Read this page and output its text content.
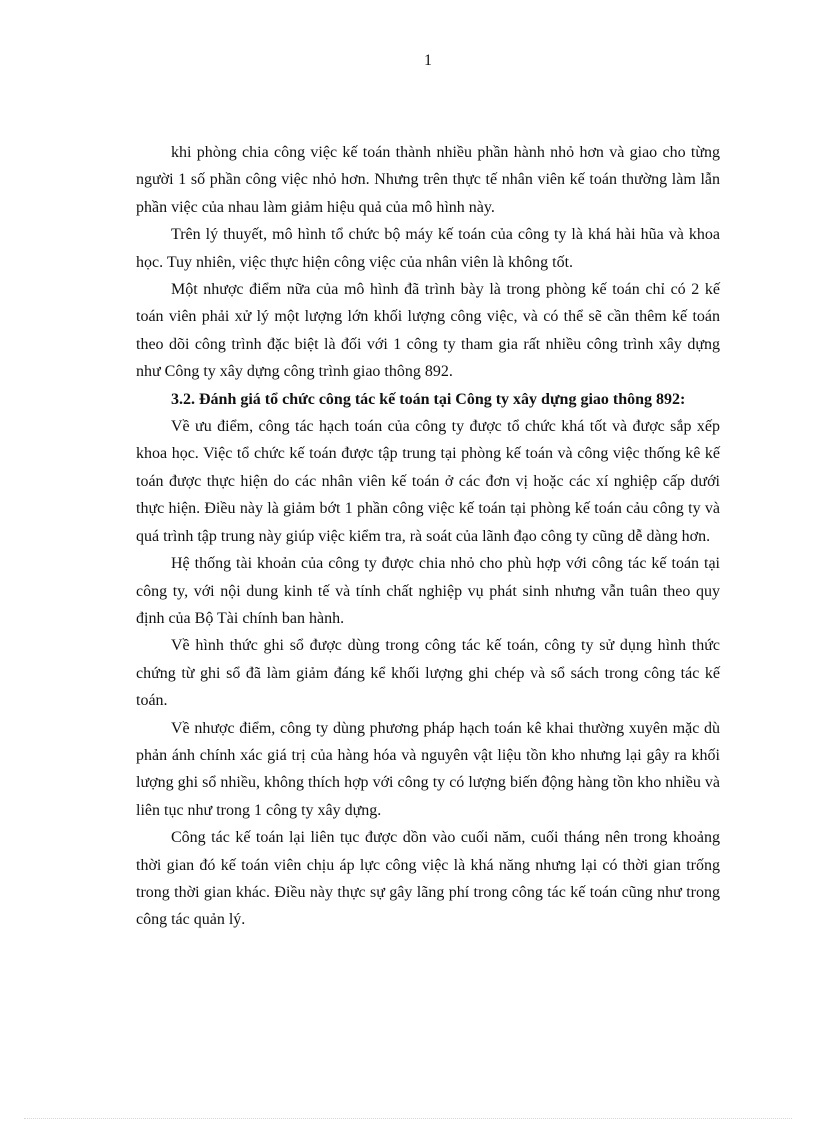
1

khi phòng chia công việc kế toán thành nhiều phần hành nhỏ hơn và giao cho từng người 1 số phần công việc nhỏ hơn. Nhưng trên thực tế nhân viên kế toán thường làm lẫn phần việc của nhau làm giảm hiệu quả của mô hình này.

Trên lý thuyết, mô hình tổ chức bộ máy kế toán của công ty là khá hài hũa và khoa học. Tuy nhiên, việc thực hiện công việc của nhân viên là không tốt.

Một nhược điểm nữa của mô hình đã trình bày là trong phòng kế toán chỉ có 2 kế toán viên phải xử lý một lượng lớn khối lượng công việc, và có thể sẽ cần thêm kế toán theo dõi công trình đặc biệt là đối với 1 công ty tham gia rất nhiều công trình xây dựng như Công ty xây dựng công trình giao thông 892.

3.2. Đánh giá tổ chức công tác kế toán tại Công ty xây dựng giao thông 892:

Về ưu điểm, công tác hạch toán của công ty được tổ chức khá tốt và được sắp xếp khoa học. Việc tổ chức kế toán được tập trung tại phòng kế toán và công việc thống kê kế toán được thực hiện do các nhân viên kế toán ở các đơn vị hoặc các xí nghiệp cấp dưới thực hiện. Điều này là giảm bớt 1 phần công việc kế toán tại phòng kế toán cảu công ty và quá trình tập trung này giúp việc kiểm tra, rà soát của lãnh đạo công ty cũng dễ dàng hơn.

Hệ thống tài khoản của công ty được chia nhỏ cho phù hợp với công tác kế toán tại công ty, với nội dung kinh tế và tính chất nghiệp vụ phát sinh nhưng vẫn tuân theo quy định của Bộ Tài chính ban hành.

Về hình thức ghi sổ được dùng trong công tác kế toán, công ty sử dụng hình thức chứng từ ghi sổ đã làm giảm đáng kể khối lượng ghi chép và sổ sách trong công tác kế toán.

Về nhược điểm, công ty dùng phương pháp hạch toán kê khai thường xuyên mặc dù phản ánh chính xác giá trị của hàng hóa và nguyên vật liệu tồn kho nhưng lại gây ra khối lượng ghi sổ nhiều, không thích hợp với công ty có lượng biến động hàng tồn kho nhiều và liên tục như trong 1 công ty xây dựng.

Công tác kế toán lại liên tục được dồn vào cuối năm, cuối tháng nên trong khoảng thời gian đó kế toán viên chịu áp lực công việc là khá năng nhưng lại có thời gian trống trong thời gian khác. Điều này thực sự gây lãng phí trong công tác kế toán cũng như trong công tác quản lý.
